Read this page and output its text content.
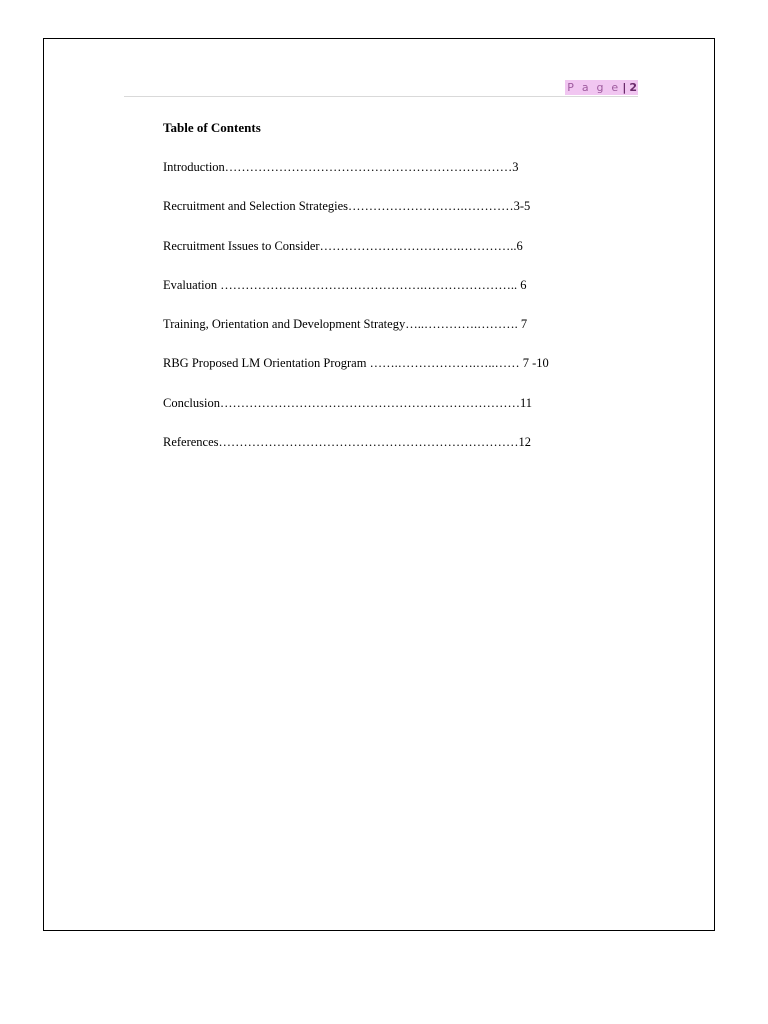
P a g e | 2
Table of Contents
Introduction……………………………………………………………3
Recruitment and Selection Strategies……………………….…………3-5
Recruitment Issues to Consider…………………………….…………..6
Evaluation ………………………………………….………………….. 6
Training, Orientation and Development Strategy…..………….………. 7
RBG Proposed LM Orientation Program …….……………….…..…… 7 -10
Conclusion………………………………………………………………11
References………………………………………………………………12
